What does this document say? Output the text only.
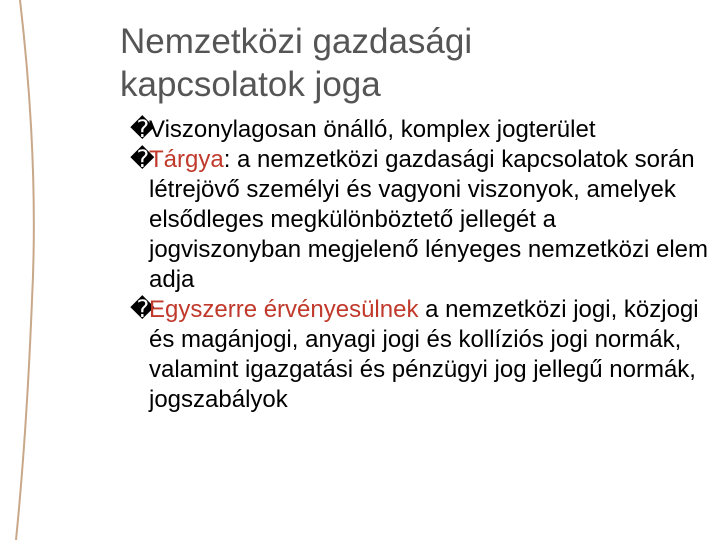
Nemzetközi gazdasági
kapcsolatok joga

�Viszonylagosan önálló, komplex jogterület

�Tárgya: a nemzetközi gazdasági kapcsolatok során létrejövő személyi és vagyoni viszonyok, amelyek elsődleges megkülönböztető jellegét a jogviszonyban megjelenő lényeges nemzetközi elem adja

�Egyszerre érvényesülnek a nemzetközi jogi, közjogi és magánjogi, anyagi jogi és kollíziós jogi normák, valamint igazgatási és pénzügyi jog jellegű normák, jogszabályok
